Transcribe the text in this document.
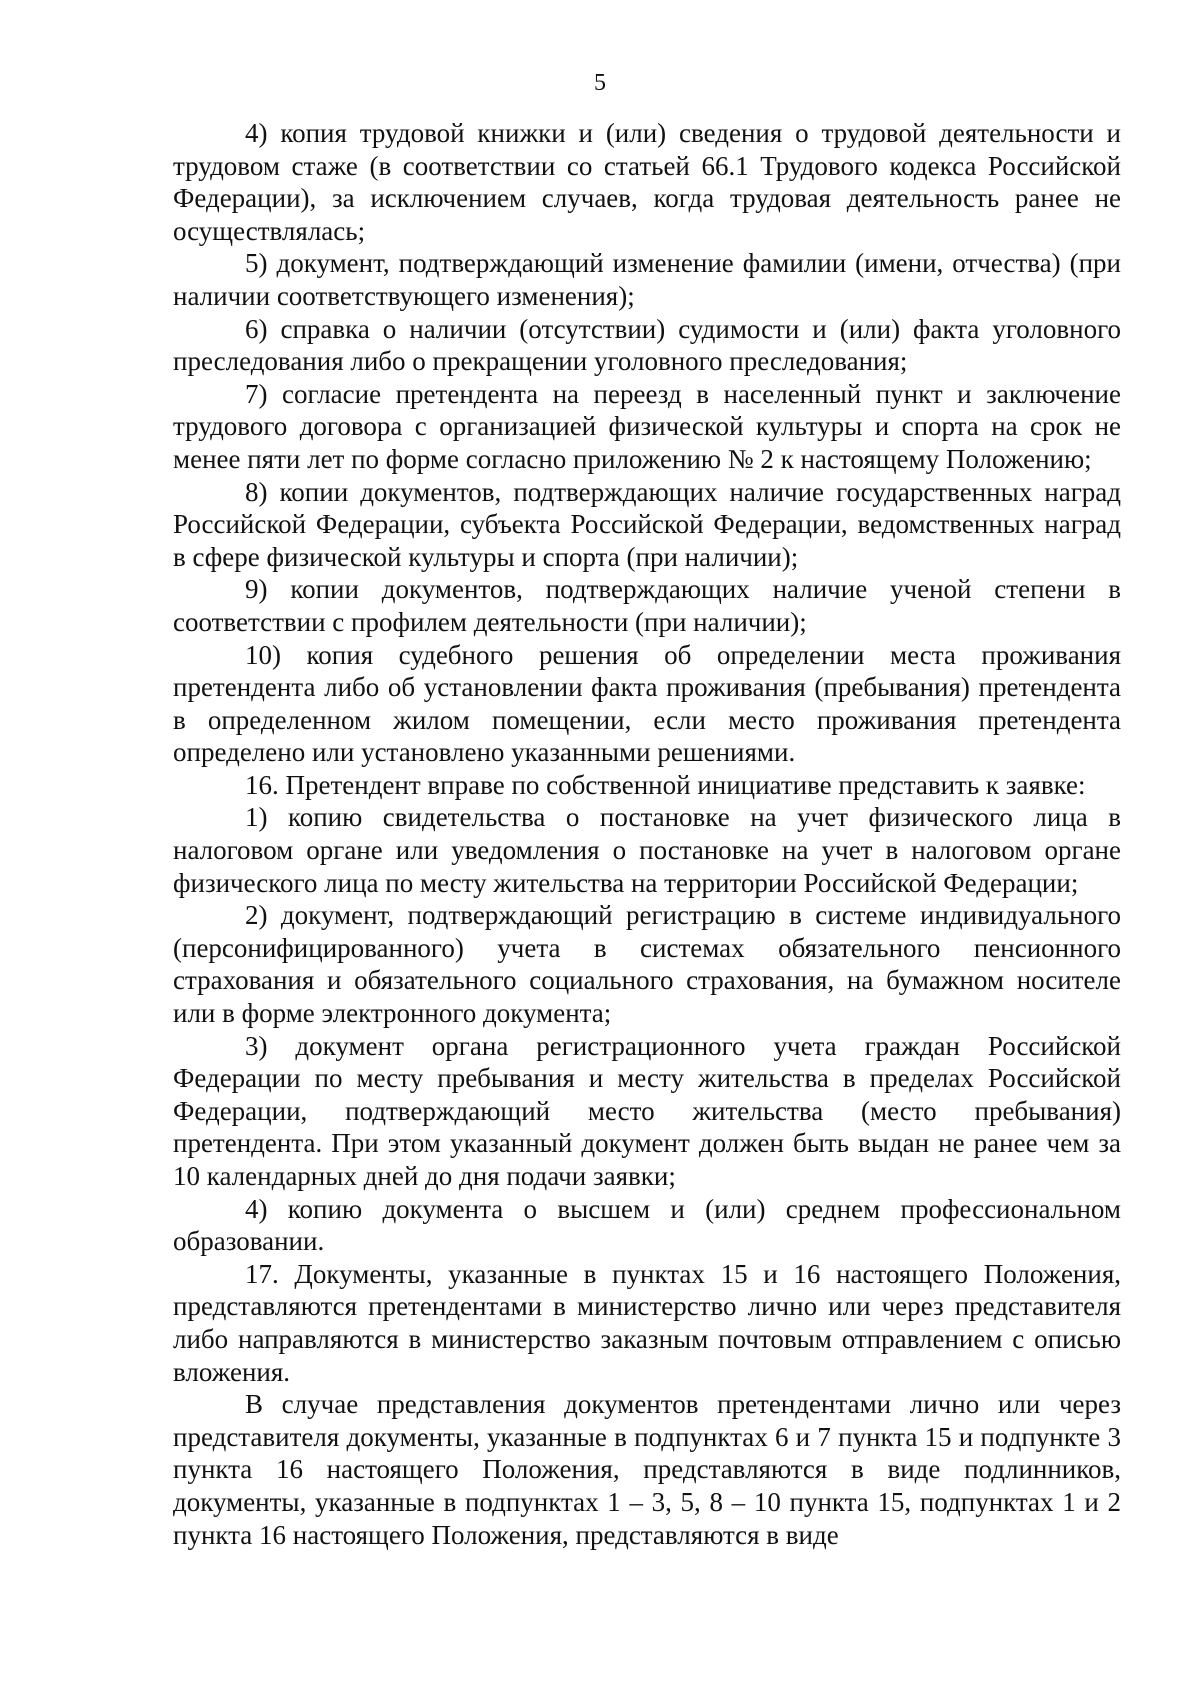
5

4) копия трудовой книжки и (или) сведения о трудовой деятельности и трудовом стаже (в соответствии со статьей 66.1 Трудового кодекса Российской Федерации), за исключением случаев, когда трудовая деятельность ранее не осуществлялась;

5) документ, подтверждающий изменение фамилии (имени, отчества) (при наличии соответствующего изменения);

6) справка о наличии (отсутствии) судимости и (или) факта уголовного преследования либо о прекращении уголовного преследования;

7) согласие претендента на переезд в населенный пункт и заключение трудового договора с организацией физической культуры и спорта на срок не менее пяти лет по форме согласно приложению № 2 к настоящему Положению;

8) копии документов, подтверждающих наличие государственных наград Российской Федерации, субъекта Российской Федерации, ведомственных наград в сфере физической культуры и спорта (при наличии);

9) копии документов, подтверждающих наличие ученой степени в соответствии с профилем деятельности (при наличии);

10) копия судебного решения об определении места проживания претендента либо об установлении факта проживания (пребывания) претендента в определенном жилом помещении, если место проживания претендента определено или установлено указанными решениями.

16. Претендент вправе по собственной инициативе представить к заявке:

1) копию свидетельства о постановке на учет физического лица в налоговом органе или уведомления о постановке на учет в налоговом органе физического лица по месту жительства на территории Российской Федерации;

2) документ, подтверждающий регистрацию в системе индивидуального (персонифицированного) учета в системах обязательного пенсионного страхования и обязательного социального страхования, на бумажном носителе или в форме электронного документа;

3) документ органа регистрационного учета граждан Российской Федерации по месту пребывания и месту жительства в пределах Российской Федерации, подтверждающий место жительства (место пребывания) претендента. При этом указанный документ должен быть выдан не ранее чем за 10 календарных дней до дня подачи заявки;

4) копию документа о высшем и (или) среднем профессиональном образовании.

17. Документы, указанные в пунктах 15 и 16 настоящего Положения, представляются претендентами в министерство лично или через представителя либо направляются в министерство заказным почтовым отправлением с описью вложения.

В случае представления документов претендентами лично или через представителя документы, указанные в подпунктах 6 и 7 пункта 15 и подпункте 3 пункта 16 настоящего Положения, представляются в виде подлинников, документы, указанные в подпунктах 1 – 3, 5, 8 – 10 пункта 15, подпунктах 1 и 2 пункта 16 настоящего Положения, представляются в виде
